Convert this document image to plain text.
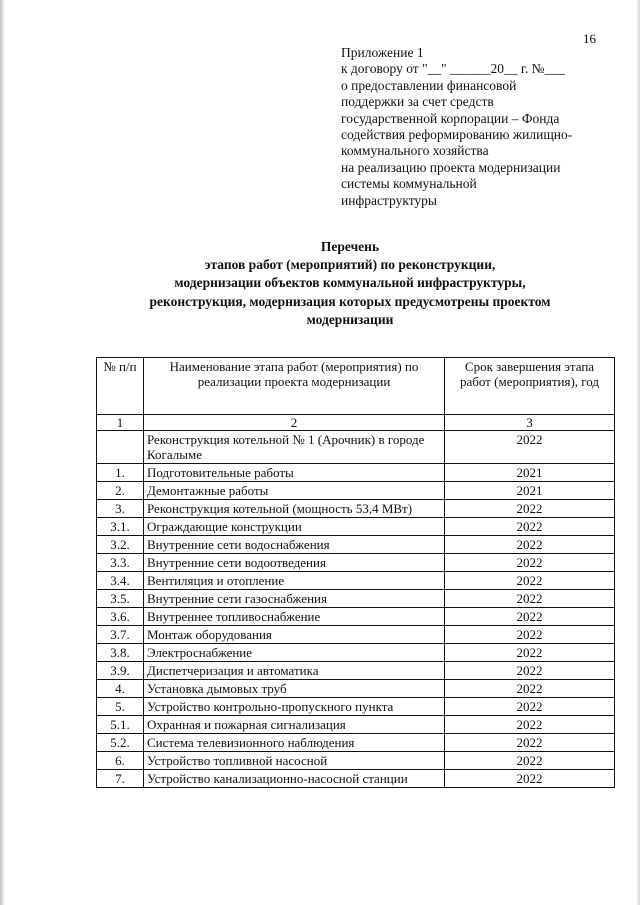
16
Приложение 1
к договору от "__" ______20__ г. №___
о предоставлении финансовой
поддержки за счет средств
государственной корпорации – Фонда
содействия реформированию жилищно-
коммунального хозяйства
на реализацию проекта модернизации
системы коммунальной
инфраструктуры
Перечень
этапов работ (мероприятий) по реконструкции,
модернизации объектов коммунальной инфраструктуры,
реконструкция, модернизация которых предусмотрены проектом
модернизации
№ п/п	Наименование этапа работ (мероприятия) по реализации проекта модернизации	Срок завершения этапа работ (мероприятия), год
1	2	3
	Реконструкция котельной № 1 (Арочник) в городе Когалыме	2022
1.	Подготовительные работы	2021
2.	Демонтажные работы	2021
3.	Реконструкция котельной (мощность 53,4 МВт)	2022
3.1.	Ограждающие конструкции	2022
3.2.	Внутренние сети водоснабжения	2022
3.3.	Внутренние сети водоотведения	2022
3.4.	Вентиляция и отопление	2022
3.5.	Внутренние сети газоснабжения	2022
3.6.	Внутреннее топливоснабжение	2022
3.7.	Монтаж оборудования	2022
3.8.	Электроснабжение	2022
3.9.	Диспетчеризация и автоматика	2022
4.	Установка дымовых труб	2022
5.	Устройство контрольно-пропускного пункта	2022
5.1.	Охранная и пожарная сигнализация	2022
5.2.	Система телевизионного наблюдения	2022
6.	Устройство топливной насосной	2022
7.	Устройство канализационно-насосной станции	2022
